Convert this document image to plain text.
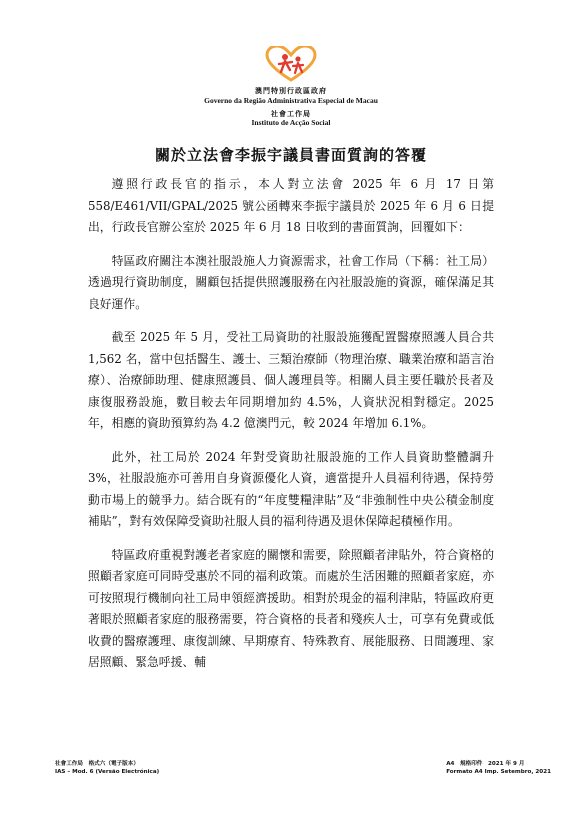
澳門特別行政區政府
Governo da Região Administrativa Especial de Macau
社會工作局
Instituto de Acção Social
關於立法會李振宇議員書面質詢的答覆

遵照行政長官的指示，本人對立法會 2025 年 6 月 17 日第 558/E461/VII/GPAL/2025 號公函轉來李振宇議員於 2025 年 6 月 6 日提出，行政長官辦公室於 2025 年 6 月 18 日收到的書面質詢，回覆如下：

特區政府關注本澳社服設施人力資源需求，社會工作局（下稱：社工局）透過現行資助制度，關顧包括提供照護服務在內社服設施的資源，確保滿足其良好運作。

截至 2025 年 5 月，受社工局資助的社服設施獲配置醫療照護人員合共 1,562 名，當中包括醫生、護士、三類治療師（物理治療、職業治療和語言治療）、治療師助理、健康照護員、個人護理員等。相關人員主要任職於長者及康復服務設施，數目較去年同期增加約 4.5%，人資狀況相對穩定。2025 年，相應的資助預算約為 4.2 億澳門元，較 2024 年增加 6.1%。

此外，社工局於 2024 年對受資助社服設施的工作人員資助整體調升 3%，社服設施亦可善用自身資源優化人資，適當提升人員福利待遇，保持勞動市場上的競爭力。結合既有的“年度雙糧津貼”及“非強制性中央公積金制度補貼”，對有效保障受資助社服人員的福利待遇及退休保障起積極作用。

特區政府重視對護老者家庭的關懷和需要，除照顧者津貼外，符合資格的照顧者家庭可同時受惠於不同的福利政策。而處於生活困難的照顧者家庭，亦可按照現行機制向社工局申領經濟援助。相對於現金的福利津貼，特區政府更著眼於照顧者家庭的服務需要，符合資格的長者和殘疾人士，可享有免費或低收費的醫療護理、康復訓練、早期療育、特殊教育、展能服務、日間護理、家居照顧、緊急呼援、輔

社會工作局　格式六（電子版本）
IAS – Mod. 6 (Versão Electrónica)
A4　規格印件　2021 年 9 月
Formato A4 Imp. Setembro, 2021
